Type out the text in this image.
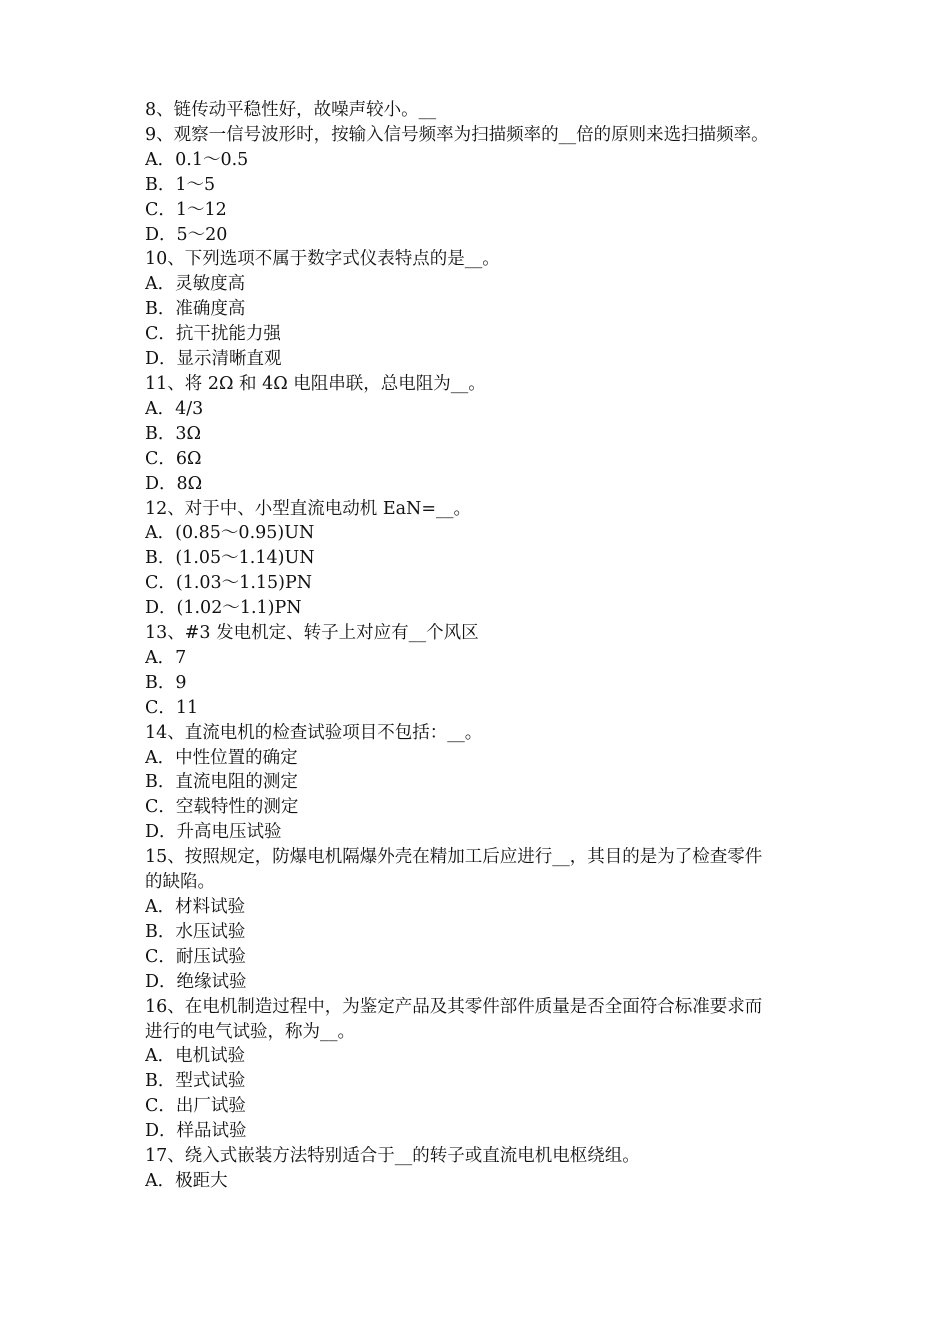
8、链传动平稳性好，故噪声较小。__
9、观察一信号波形时，按输入信号频率为扫描频率的__倍的原则来选扫描频率。
A．0.1～0.5
B．1～5
C．1～12
D．5～20
10、下列选项不属于数字式仪表特点的是__。
A．灵敏度高
B．准确度高
C．抗干扰能力强
D．显示清晰直观
11、将 2Ω 和 4Ω 电阻串联，总电阻为__。
A．4/3
B．3Ω
C．6Ω
D．8Ω
12、对于中、小型直流电动机 EaN=__。
A．(0.85～0.95)UN
B．(1.05～1.14)UN
C．(1.03～1.15)PN
D．(1.02～1.1)PN
13、#3 发电机定、转子上对应有__个风区
A．7
B．9
C．11
14、直流电机的检查试验项目不包括：__。
A．中性位置的确定
B．直流电阻的测定
C．空载特性的测定
D．升高电压试验
15、按照规定，防爆电机隔爆外壳在精加工后应进行__，其目的是为了检查零件
的缺陷。
A．材料试验
B．水压试验
C．耐压试验
D．绝缘试验
16、在电机制造过程中，为鉴定产品及其零件部件质量是否全面符合标准要求而
进行的电气试验，称为__。
A．电机试验
B．型式试验
C．出厂试验
D．样品试验
17、绕入式嵌装方法特别适合于__的转子或直流电机电枢绕组。
A．极距大
